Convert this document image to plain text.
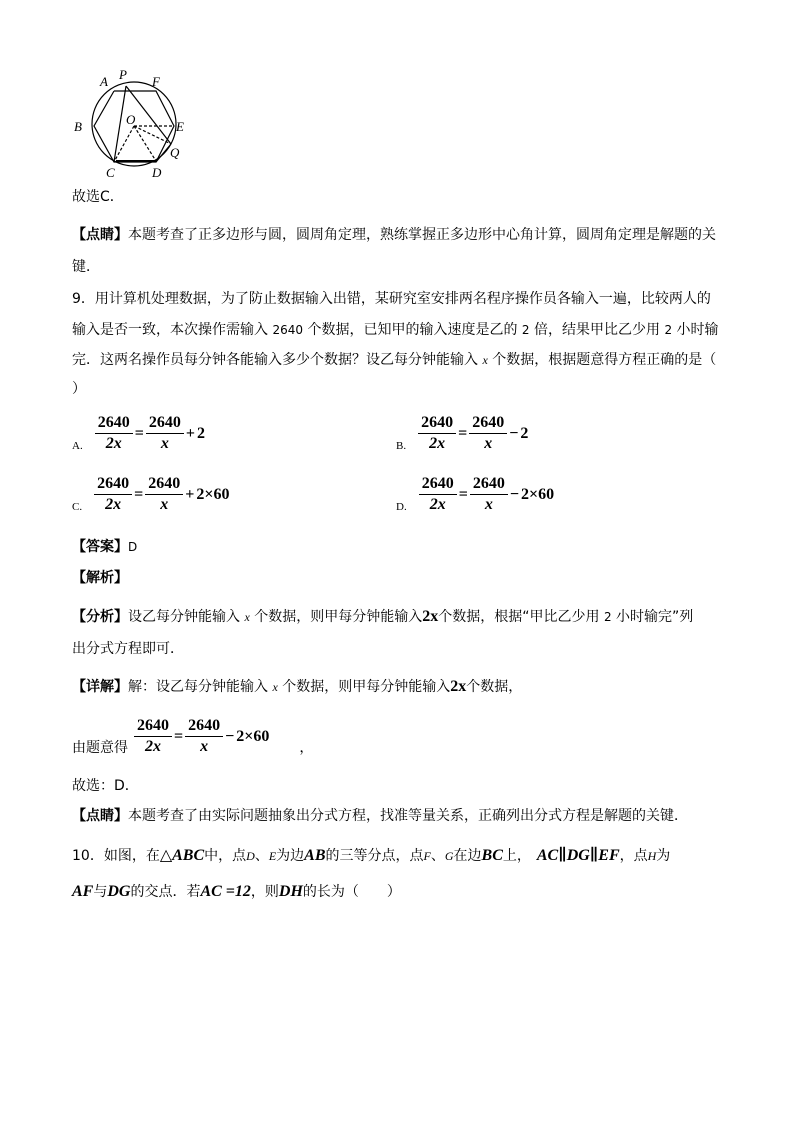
A P F
B	O	E
Q
C	D
故选C．
【点睛】本题考查了正多边形与圆，圆周角定理，熟练掌握正多边形中心角计算，圆周角定理是解题的关
键．
9．用计算机处理数据，为了防止数据输入出错，某研究室安排两名程序操作员各输入一遍，比较两人的
输入是否一致，本次操作需输入 2640 个数据，已知甲的输入速度是乙的 2 倍，结果甲比乙少用 2 小时输
完．这两名操作员每分钟各能输入多少个数据？设乙每分钟能输入 x 个数据，根据题意得方程正确的是（
）
A. $\frac{2640}{2x} = \frac{2640}{x} + 2$
B. $\frac{2640}{2x} = \frac{2640}{x} - 2$
C. $\frac{2640}{2x} = \frac{2640}{x} + 2\times 60$
D. $\frac{2640}{2x} = \frac{2640}{x} - 2\times 60$
【答案】D
【解析】
【分析】设乙每分钟能输入 x 个数据，则甲每分钟能输入2x个数据，根据“甲比乙少用 2 小时输完”列
出分式方程即可．
【详解】解：设乙每分钟能输入 x 个数据，则甲每分钟能输入2x个数据，
由题意得 $\frac{2640}{2x} = \frac{2640}{x} - 2\times 60$
，
故选：D．
【点睛】本题考查了由实际问题抽象出分式方程，找准等量关系，正确列出分式方程是解题的关键．
10．如图，在△ABC中，点D、E为边AB的三等分点，点F、G在边BC上， AC∥DG∥EF，点H为
AF与DG的交点．若AC =12，则DH的长为（　　）
